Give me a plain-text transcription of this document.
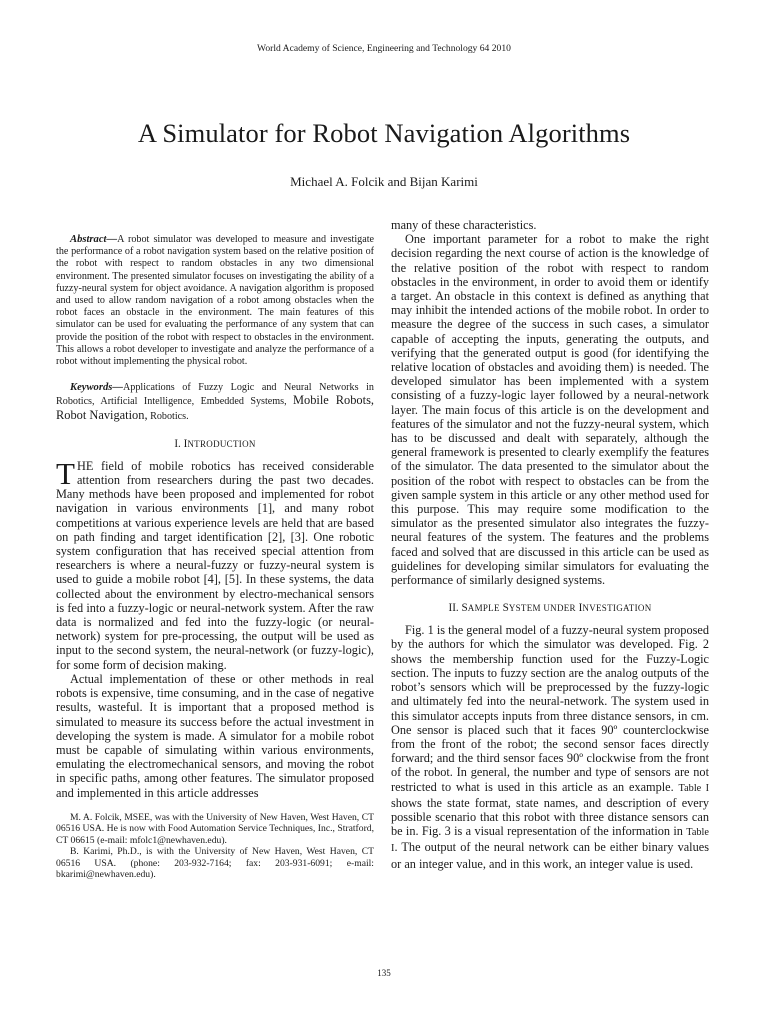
World Academy of Science, Engineering and Technology 64 2010
A Simulator for Robot Navigation Algorithms
Michael A. Folcik and Bijan Karimi

Abstract—A robot simulator was developed to measure and investigate the performance of a robot navigation system based on the relative position of the robot with respect to random obstacles in any two dimensional environment. The presented simulator focuses on investigating the ability of a fuzzy-neural system for object avoidance. A navigation algorithm is proposed and used to allow random navigation of a robot among obstacles when the robot faces an obstacle in the environment. The main features of this simulator can be used for evaluating the performance of any system that can provide the position of the robot with respect to obstacles in the environment. This allows a robot developer to investigate and analyze the performance of a robot without implementing the physical robot.

Keywords—Applications of Fuzzy Logic and Neural Networks in Robotics, Artificial Intelligence, Embedded Systems, Mobile Robots, Robot Navigation, Robotics.

I. INTRODUCTION

THE field of mobile robotics has received considerable attention from researchers during the past two decades. Many methods have been proposed and implemented for robot navigation in various environments [1], and many robot competitions at various experience levels are held that are based on path finding and target identification [2], [3]. One robotic system configuration that has received special attention from researchers is where a neural-fuzzy or fuzzy-neural system is used to guide a mobile robot [4], [5]. In these systems, the data collected about the environment by electro-mechanical sensors is fed into a fuzzy-logic or neural-network system. After the raw data is normalized and fed into the fuzzy-logic (or neural-network) system for pre-processing, the output will be used as input to the second system, the neural-network (or fuzzy-logic), for some form of decision making.

Actual implementation of these or other methods in real robots is expensive, time consuming, and in the case of negative results, wasteful. It is important that a proposed method is simulated to measure its success before the actual investment in developing the system is made. A simulator for a mobile robot must be capable of simulating within various environments, emulating the electromechanical sensors, and moving the robot in specific paths, among other features. The simulator proposed and implemented in this article addresses

M. A. Folcik, MSEE, was with the University of New Haven, West Haven, CT 06516 USA. He is now with Food Automation Service Techniques, Inc., Stratford, CT 06615 (e-mail: mfolc1@newhaven.edu).

B. Karimi, Ph.D., is with the University of New Haven, West Haven, CT 06516 USA. (phone: 203-932-7164; fax: 203-931-6091; e-mail: bkarimi@newhaven.edu).

many of these characteristics.

One important parameter for a robot to make the right decision regarding the next course of action is the knowledge of the relative position of the robot with respect to random obstacles in the environment, in order to avoid them or identify a target. An obstacle in this context is defined as anything that may inhibit the intended actions of the mobile robot. In order to measure the degree of the success in such cases, a simulator capable of accepting the inputs, generating the outputs, and verifying that the generated output is good (for identifying the relative location of obstacles and avoiding them) is needed. The developed simulator has been implemented with a system consisting of a fuzzy-logic layer followed by a neural-network layer. The main focus of this article is on the development and features of the simulator and not the fuzzy-neural system, which has to be discussed and dealt with separately, although the general framework is presented to clearly exemplify the features of the simulator. The data presented to the simulator about the position of the robot with respect to obstacles can be from the given sample system in this article or any other method used for this purpose. This may require some modification to the simulator as the presented simulator also integrates the fuzzy-neural features of the system. The features and the problems faced and solved that are discussed in this article can be used as guidelines for developing similar simulators for evaluating the performance of similarly designed systems.

II. SAMPLE SYSTEM UNDER INVESTIGATION

Fig. 1 is the general model of a fuzzy-neural system proposed by the authors for which the simulator was developed. Fig. 2 shows the membership function used for the Fuzzy-Logic section. The inputs to fuzzy section are the analog outputs of the robot’s sensors which will be preprocessed by the fuzzy-logic and ultimately fed into the neural-network. The system used in this simulator accepts inputs from three distance sensors, in cm. One sensor is placed such that it faces 90º counterclockwise from the front of the robot; the second sensor faces directly forward; and the third sensor faces 90º clockwise from the front of the robot. In general, the number and type of sensors are not restricted to what is used in this article as an example. Table I shows the state format, state names, and description of every possible scenario that this robot with three distance sensors can be in. Fig. 3 is a visual representation of the information in Table I. The output of the neural network can be either binary values or an integer value, and in this work, an integer value is used.

135
